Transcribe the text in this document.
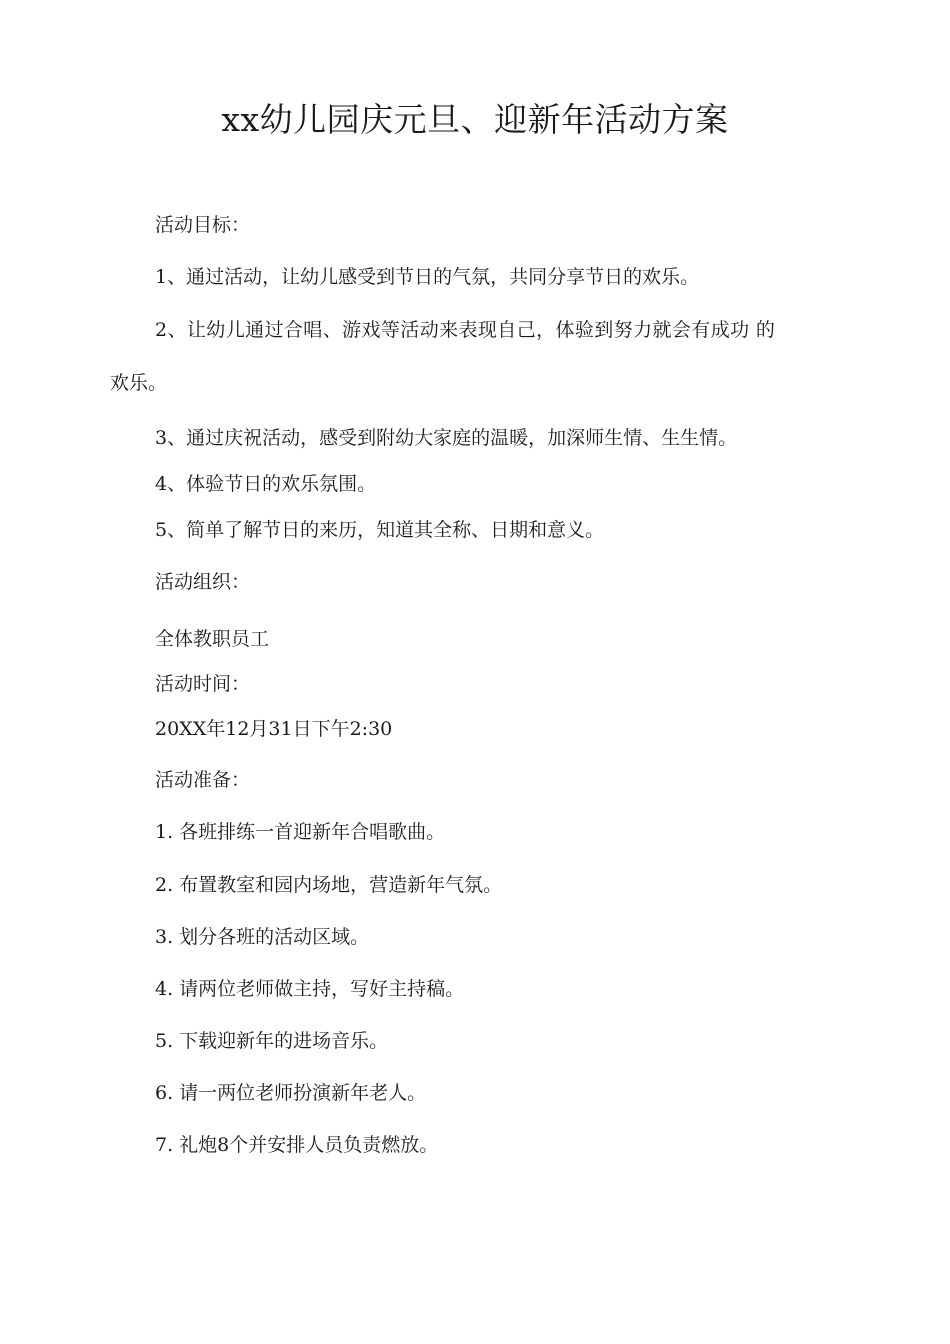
xx幼儿园庆元旦、迎新年活动方案
活动目标：
1、通过活动，让幼儿感受到节日的气氛，共同分享节日的欢乐。
2、让幼儿通过合唱、游戏等活动来表现自己，体验到努力就会有成功 的
欢乐。
3、通过庆祝活动，感受到附幼大家庭的温暖，加深师生情、生生情。
4、体验节日的欢乐氛围。
5、简单了解节日的来历，知道其全称、日期和意义。
活动组织：
全体教职员工
活动时间：
20XX年12月31日下午2:30
活动准备：
1. 各班排练一首迎新年合唱歌曲。
2. 布置教室和园内场地，营造新年气氛。
3. 划分各班的活动区域。
4. 请两位老师做主持，写好主持稿。
5. 下载迎新年的进场音乐。
6. 请一两位老师扮演新年老人。
7. 礼炮8个并安排人员负责燃放。
